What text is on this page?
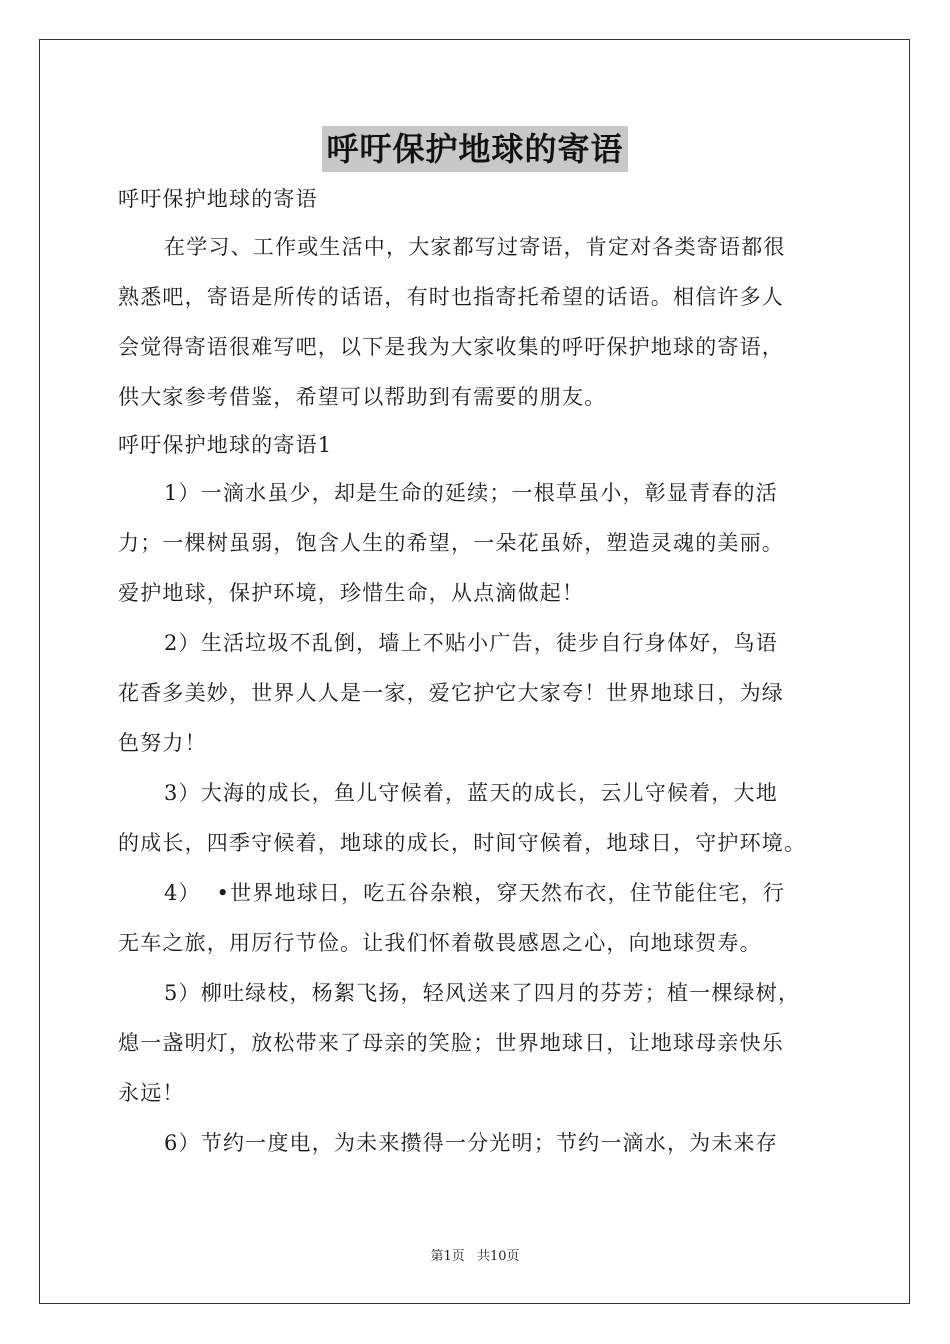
呼吁保护地球的寄语
呼吁保护地球的寄语
在学习、工作或生活中，大家都写过寄语，肯定对各类寄语都很
熟悉吧，寄语是所传的话语，有时也指寄托希望的话语。相信许多人
会觉得寄语很难写吧，以下是我为大家收集的呼吁保护地球的寄语，
供大家参考借鉴，希望可以帮助到有需要的朋友。
呼吁保护地球的寄语1
1）一滴水虽少，却是生命的延续；一根草虽小，彰显青春的活
力；一棵树虽弱，饱含人生的希望，一朵花虽娇，塑造灵魂的美丽。
爱护地球，保护环境，珍惜生命，从点滴做起！
2）生活垃圾不乱倒，墙上不贴小广告，徒步自行身体好，鸟语
花香多美妙，世界人人是一家，爱它护它大家夸！世界地球日，为绿
色努力！
3）大海的成长，鱼儿守候着，蓝天的成长，云儿守候着，大地
的成长，四季守候着，地球的成长，时间守候着，地球日，守护环境。
4）  •世界地球日，吃五谷杂粮，穿天然布衣，住节能住宅，行
无车之旅，用厉行节俭。让我们怀着敬畏感恩之心，向地球贺寿。
5）柳吐绿枝，杨絮飞扬，轻风送来了四月的芬芳；植一棵绿树，
熄一盏明灯，放松带来了母亲的笑脸；世界地球日，让地球母亲快乐
永远！
6）节约一度电，为未来攒得一分光明；节约一滴水，为未来存
第1页 共10页
